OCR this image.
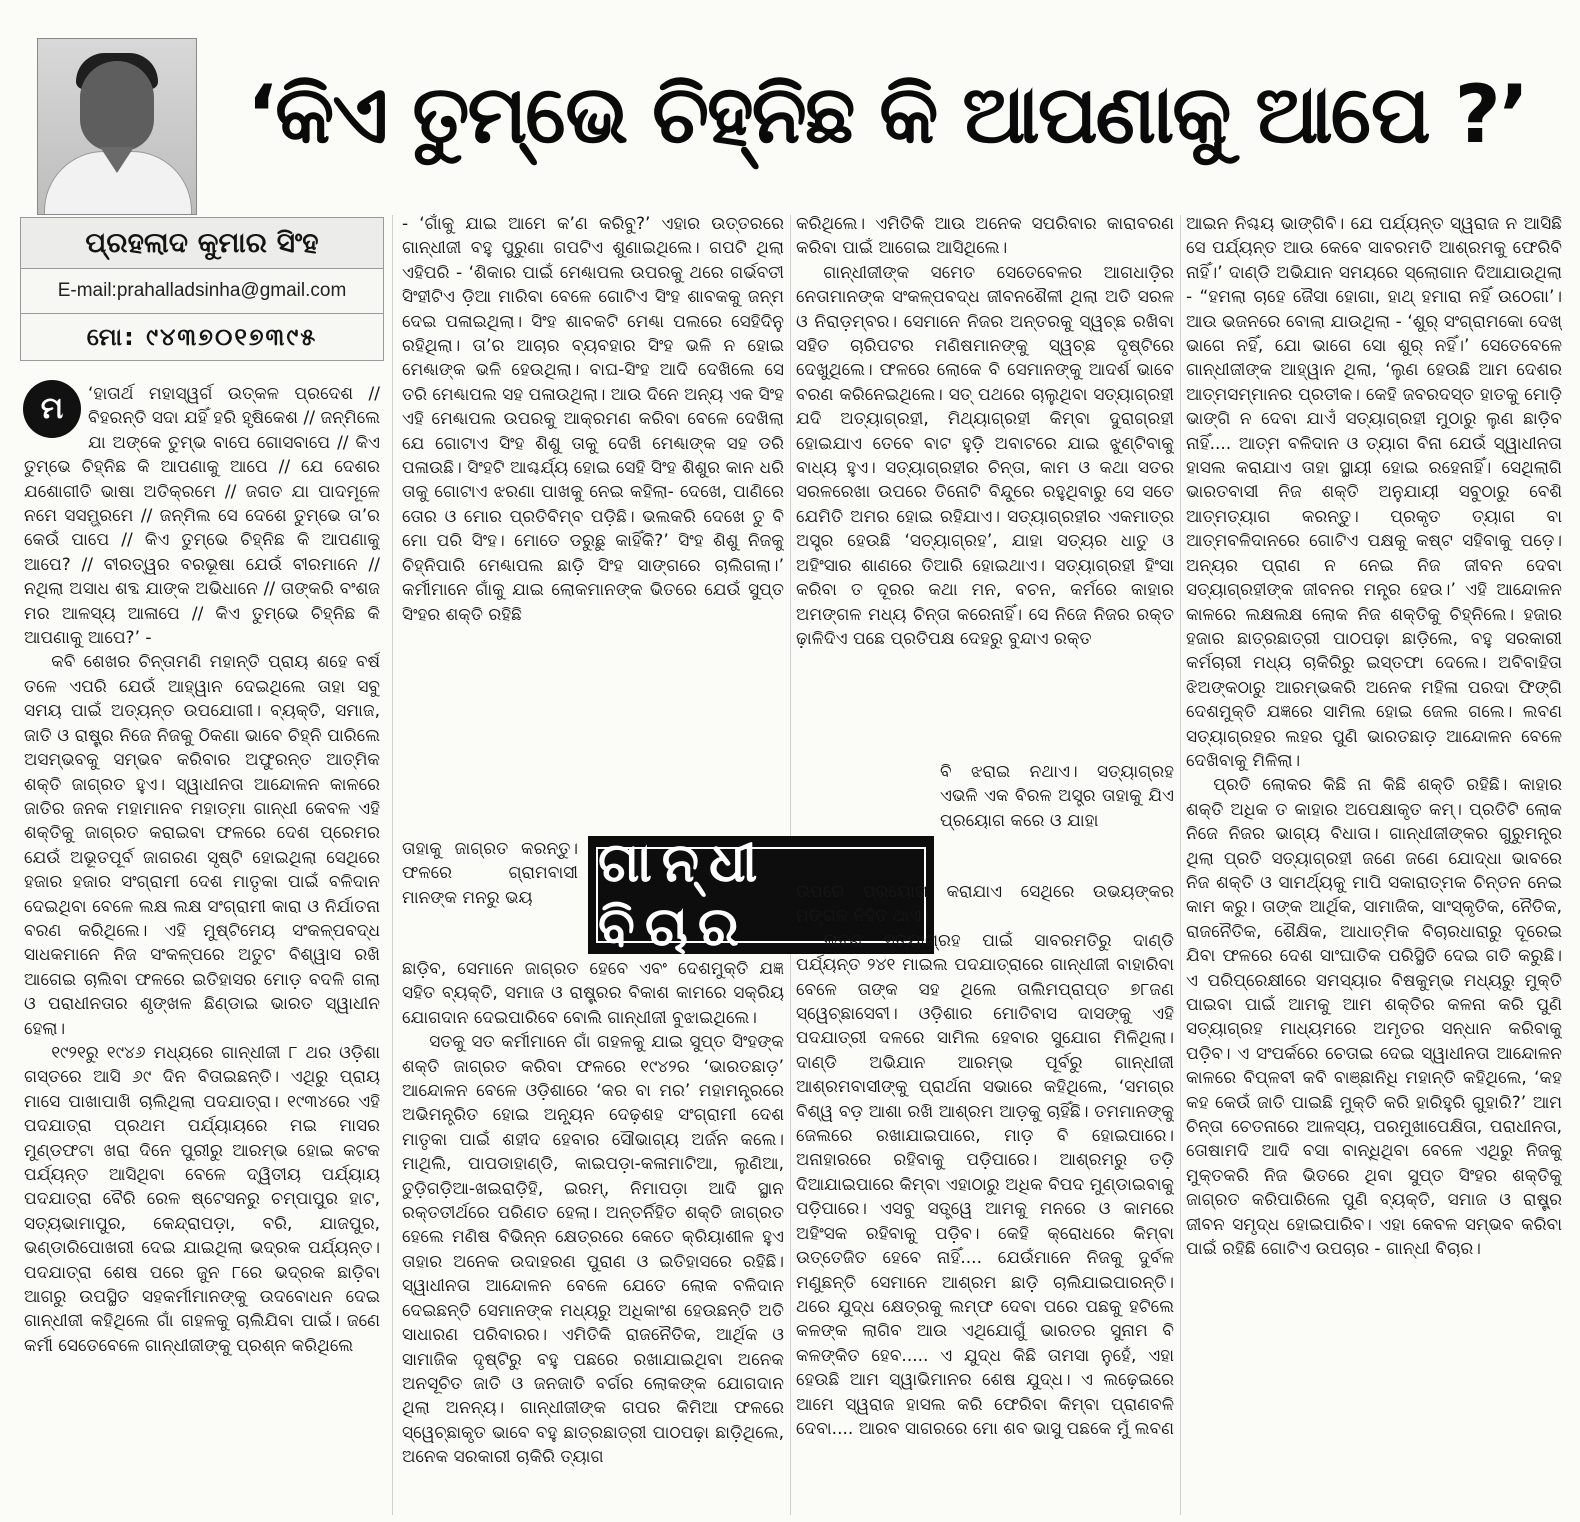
‘କିଏ ତୁମ୍ଭେ ଚିହ୍ନିଛ କି ଆପଣାକୁ ଆପେ ?’
ପ୍ରହଲାଦ କୁମାର ସିଂହ
E-mail:prahalladsinha@gmail.com
ମୋ: ୯୪୩୭୦୧୭୩୯୫
ମ	‘ହାତାର୍ଥ ମହାସ୍ୱର୍ଗ ଉତ୍କଳ ପ୍ରଦେଶ // ବିହରନ୍ତି ସଦା ଯହିଁ ହରି ହୃଷିକେଶ // ଜନ୍ମିଲେ ଯା ଅଙ୍କେ ତୁମ୍ଭ ବାପେ ଗୋସବାପେ // କିଏ ତୁମ୍ଭେ ଚିହ୍ନିଛ କି ଆପଣାକୁ ଆପେ // ଯେ ଦେଶର ଯଶୋଗୀତି ଭାଷା ଅତିକ୍ରମେ // ଜଗତ ଯା ପାଦମୂଳେ ନମେ ସସମ୍ଭ୍ରମେ // ଜନ୍ମିଲ ସେ ଦେଶେ ତୁମ୍ଭେ ତା’ର କେଉଁ ପାପେ // କିଏ ତୁମ୍ଭେ ଚିହ୍ନିଛ କି ଆପଣାକୁ ଆପେ? // ବୀରତ୍ୱର ବରଭୂଷା ଯେଉଁ ବୀରମାନେ // ନଥିଲା ଅସାଧ ଶବ୍ଦ ଯାଙ୍କ ଅଭିଧାନେ // ତାଙ୍କରି ବଂଶଜ ମର ଆଳସ୍ୟ ଆଳାପେ // କିଏ ତୁମ୍ଭେ ଚିହ୍ନିଛ କି ଆପଣାକୁ ଆପେ?’ -

କବି ଶେଖର ଚିନ୍ତାମଣି ମହାନ୍ତି ପ୍ରାୟ ଶହେ ବର୍ଷ ତଳେ ଏପରି ଯେଉଁ ଆହ୍ୱାନ ଦେଇଥିଲେ ତାହା ସବୁ ସମୟ ପାଇଁ ଅତ୍ୟନ୍ତ ଉପଯୋଗୀ। ବ୍ୟକ୍ତି, ସମାଜ, ଜାତି ଓ ରାଷ୍ଟ୍ର ନିଜେ ନିଜକୁ ଠିକଣା ଭାବେ ଚିହ୍ନି ପାରିଲେ ଅସମ୍ଭବକୁ ସମ୍ଭବ କରିବାର ଅଫୁରନ୍ତ ଆତ୍ମିକ ଶକ୍ତି ଜାଗ୍ରତ ହୁଏ। ସ୍ୱାଧୀନତା ଆନ୍ଦୋଳନ କାଳରେ ଜାତିର ଜନକ ମହାମାନବ ମହାତ୍ମା ଗାନ୍ଧୀ କେବଳ ଏହି ଶକ୍ତିକୁ ଜାଗ୍ରତ କରାଇବା ଫଳରେ ଦେଶ ପ୍ରେମର ଯେଉଁ ଅଭୂତପୂର୍ବ ଜାଗରଣ ସୃଷ୍ଟି ହୋଇଥିଲା ସେଥିରେ ହଜାର ହଜାର ସଂଗ୍ରାମୀ ଦେଶ ମାତୃକା ପାଇଁ ବଳିଦାନ ଦେଇଥିବା ବେଳେ ଲକ୍ଷ ଲକ୍ଷ ସଂଗ୍ରାମୀ କାରା ଓ ନିର୍ଯାତନା ବରଣ କରିଥିଲେ। ଏହି ମୁଷ୍ଟିମେୟ ସଂକଳ୍ପବଦ୍ଧ ସାଧକମାନେ ନିଜ ସଂକଳ୍ପରେ ଅତୁଟ ବିଶ୍ୱାସ ରଖି ଆଗେଇ ଚାଲିବା ଫଳରେ ଇତିହାସର ମୋଡ଼ ବଦଳି ଗଲା ଓ ପରାଧୀନତାର ଶୃଙ୍ଖଳ ଛିଣ୍ଡାଇ ଭାରତ ସ୍ୱାଧୀନ ହେଲା।

୧୯୨୧ରୁ ୧୯୪୬ ମଧ୍ୟରେ ଗାନ୍ଧୀଜୀ ୮ ଥର ଓଡ଼ିଶା ଗସ୍ତରେ ଆସି ୬୯ ଦିନ ବିତାଇଛନ୍ତି। ଏଥିରୁ ପ୍ରାୟ ମାସେ ପାଖାପାଖି ଚାଲିଥିଲା ପଦଯାତ୍ରା। ୧୯୩୪ରେ ଏହି ପଦଯାତ୍ରା ପ୍ରଥମ ପର୍ଯ୍ୟାୟରେ ମଇ ମାସର ମୁଣ୍ଡଫଟା ଖରା ଦିନେ ପୁରୀରୁ ଆରମ୍ଭ ହୋଇ କଟକ ପର୍ଯ୍ୟନ୍ତ ଆସିଥିବା ବେଳେ ଦ୍ୱିତୀୟ ପର୍ଯ୍ୟାୟ ପଦଯାତ୍ରା ବୈରି ରେଳ ଷ୍ଟେସନରୁ ଚମ୍ପାପୁର ହାଟ, ସତ୍ୟଭାମାପୁର, କେନ୍ଦ୍ରାପଡ଼ା, ବରି, ଯାଜପୁର, ଭଣ୍ଡାରିପୋଖରୀ ଦେଇ ଯାଇଥିଲା ଭଦ୍ରକ ପର୍ଯ୍ୟନ୍ତ। ପଦଯାତ୍ରା ଶେଷ ପରେ ଜୁନ ୮ରେ ଭଦ୍ରକ ଛାଡ଼ିବା ଆଗରୁ ଉପସ୍ଥିତ ସହକର୍ମୀମାନଙ୍କୁ ଉଦବୋଧନ ଦେଇ ଗାନ୍ଧୀଜୀ କହିଥିଲେ ଗାଁ ଗହଳକୁ ଚାଲିଯିବା ପାଇଁ। ଜଣେ କର୍ମୀ ସେତେବେଳେ ଗାନ୍ଧୀଜୀଙ୍କୁ ପ୍ରଶ୍ନ କରିଥିଲେ

- ‘ଗାଁକୁ ଯାଇ ଆମେ କ’ଣ କରିବୁ?’ ଏହାର ଉତ୍ତରରେ ଗାନ୍ଧୀଜୀ ବହୁ ପୁରୁଣା ଗପଟିଏ ଶୁଣାଇଥିଲେ। ଗପଟି ଥିଲା ଏହିପରି - ‘ଶିକାର ପାଇଁ ମେଣ୍ଢାପଲ ଉପରକୁ ଥରେ ଗର୍ଭବତୀ ସିଂହୀଟିଏ ଡ଼ିଆ ମାରିବା ବେଳେ ଗୋଟିଏ ସିଂହ ଶାବକକୁ ଜନ୍ମ ଦେଇ ପଳାଇଥିଲା। ସିଂହ ଶାବକଟି ମେଣ୍ଢା ପଲରେ ସେହିଦିନୁ ରହିଥିଲା। ତା’ର ଆଚାର ବ୍ୟବହାର ସିଂହ ଭଳି ନ ହୋଇ ମେଣ୍ଢାଙ୍କ ଭଳି ହେଉଥିଲା। ବାଘ-ସିଂହ ଆଦି ଦେଖିଲେ ସେ ତରି ମେଣ୍ଢାପଲ ସହ ପଳାଉଥିଲା। ଆଉ ଦିନେ ଅନ୍ୟ ଏକ ସିଂହ ଏହି ମେଣ୍ଢାପଲ ଉପରକୁ ଆକ୍ରମଣ କରିବା ବେଳେ ଦେଖିଲା ଯେ ଗୋଟାଏ ସିଂହ ଶିଶୁ ତାକୁ ଦେଖି ମେଣ୍ଢାଙ୍କ ସହ ଡରି ପଳାଉଛି। ସିଂହଟି ଆଶ୍ଚର୍ଯ୍ୟ ହୋଇ ସେହି ସିଂହ ଶିଶୁର କାନ ଧରି ତାକୁ ଗୋଟାଏ ଝରଣା ପାଖକୁ ନେଇ କହିଲା- ଦେଖେ, ପାଣିରେ ତୋର ଓ ମୋର ପ୍ରତିବିମ୍ବ ପଡ଼ିଛି। ଭଲକରି ଦେଖେ ତୁ ବି ମୋ ପରି ସିଂହ। ମୋତେ ଡରୁଛୁ କାହିଁକି?’ ସିଂହ ଶିଶୁ ନିଜକୁ ଚିହ୍ନିପାରି ମେଣ୍ଢାପଲ ଛାଡ଼ି ସିଂହ ସାଙ୍ଗରେ ଚାଲିଗଲା।’ କର୍ମୀମାନେ ଗାଁକୁ ଯାଇ ଲୋକମାନଙ୍କ ଭିତରେ ଯେଉଁ ସୁପ୍ତ ସିଂହର ଶକ୍ତି ରହିଛି

ତାହାକୁ ଜାଗ୍ରତ କରନ୍ତୁ। ଫଳରେ ଗ୍ରାମବାସୀ ମାନଙ୍କ ମନରୁ ଭୟ

ଗାନ୍ଧୀ ବିଚାର

ଛାଡ଼ିବ, ସେମାନେ ଜାଗ୍ରତ ହେବେ ଏବଂ ଦେଶମୁକ୍ତି ଯଜ୍ଞ ସହିତ ବ୍ୟକ୍ତି, ସମାଜ ଓ ରାଷ୍ଟ୍ରର ବିକାଶ କାମରେ ସକ୍ରିୟ ଯୋଗଦାନ ଦେଇପାରିବେ ବୋଲି ଗାନ୍ଧୀଜୀ ବୁଝାଇଥିଲେ।

ସତକୁ ସତ କର୍ମୀମାନେ ଗାଁ ଗହଳକୁ ଯାଇ ସୁପ୍ତ ସିଂହଙ୍କ ଶକ୍ତି ଜାଗ୍ରତ କରିବା ଫଳରେ ୧୯୪୨ର ‘ଭାରତଛାଡ଼’ ଆନ୍ଦୋଳନ ବେଳେ ଓଡ଼ିଶାରେ ‘କର ବା ମର’ ମହାମନ୍ତ୍ରରେ ଅଭିମନ୍ତ୍ରିତ ହୋଇ ଅନ୍ୟୂନ ଦେଢ଼ଶହ ସଂଗ୍ରାମୀ ଦେଶ ମାତୃକା ପାଇଁ ଶହୀଦ ହେବାର ସୌଭାଗ୍ୟ ଅର୍ଜନ କଲେ। ମାଥିଲି, ପାପଡାହାଣ୍ଡି, କାଇପଡ଼ା-କଳାମାଟିଆ, ଲୁଣିଆ, ତୁଡ଼ିଗଡ଼ିଆ-ଖଇରାଡ଼ିହି, ଇରମ୍, ନିମାପଡ଼ା ଆଦି ସ୍ଥାନ ରକ୍ତତୀର୍ଥରେ ପରିଣତ ହେଲା। ଅନ୍ତର୍ନିହିତ ଶକ୍ତି ଜାଗ୍ରତ ହେଲେ ମଣିଷ ବିଭିନ୍ନ କ୍ଷେତ୍ରରେ କେତେ କ୍ରିୟାଶୀଳ ହୁଏ ତାହାର ଅନେକ ଉଦାହରଣ ପୁରାଣ ଓ ଇତିହାସରେ ରହିଛି। ସ୍ୱାଧୀନତା ଆନ୍ଦୋଳନ ବେଳେ ଯେତେ ଲୋକ ବଳିଦାନ ଦେଇଛନ୍ତି ସେମାନଙ୍କ ମଧ୍ୟରୁ ଅଧିକାଂଶ ହେଉଛନ୍ତି ଅତି ସାଧାରଣ ପରିବାରର। ଏମିତିକି ରାଜନୈତିକ, ଆର୍ଥିକ ଓ ସାମାଜିକ ଦୃଷ୍ଟିରୁ ବହୁ ପଛରେ ରଖାଯାଇଥିବା ଅନେକ ଅନସୂଚିତ ଜାତି ଓ ଜନଜାତି ବର୍ଗର ଲୋକଙ୍କ ଯୋଗଦାନ ଥିଲା ଅନନ୍ୟ। ଗାନ୍ଧୀଜୀଙ୍କ ଗପର କିମିଆ ଫଳରେ ସ୍ୱେଚ୍ଛାକୃତ ଭାବେ ବହୁ ଛାତ୍ରଛାତ୍ରୀ ପାଠପଢ଼ା ଛାଡ଼ିଥିଲେ, ଅନେକ ସରକାରୀ ଚାକିରି ତ୍ୟାଗ

କରିଥିଲେ। ଏମିତିକି ଆଉ ଅନେକ ସପରିବାର କାରାବରଣ କରିବା ପାଇଁ ଆଗେଇ ଆସିଥିଲେ।

ଗାନ୍ଧୀଜୀଙ୍କ ସମେତ ସେତେବେଳର ଆଗଧାଡ଼ିର ନେତାମାନଙ୍କ ସଂକଳ୍ପବଦ୍ଧ ଜୀବନଶୈଳୀ ଥିଲା ଅତି ସରଳ ଓ ନିରାଡ଼ମ୍ବର। ସେମାନେ ନିଜର ଅନ୍ତରକୁ ସ୍ୱଚ୍ଛ ରଖିବା ସହିତ ଚାରିପଟର ମଣିଷମାନଙ୍କୁ ସ୍ୱଚ୍ଛ ଦୃଷ୍ଟିରେ ଦେଖୁଥିଲେ। ଫଳରେ ଲୋକେ ବି ସେମାନଙ୍କୁ ଆଦର୍ଶ ଭାବେ ବରଣ କରିନେଇଥିଲେ। ସତ୍ ପଥରେ ଚାଲୁଥିବା ସତ୍ୟାଗ୍ରହୀ ଯଦି ଅତ୍ୟାଗ୍ରହୀ, ମିଥ୍ୟାଗ୍ରହୀ କିମ୍ବା ଦୁରାଗ୍ରହୀ ହୋଇଯାଏ ତେବେ ବାଟ ହୁଡ଼ି ଅବାଟରେ ଯାଇ ଝୁଣ୍ଟିବାକୁ ବାଧ୍ୟ ହୁଏ। ସତ୍ୟାଗ୍ରହୀର ଚିନ୍ତା, କାମ ଓ କଥା ସତର ସରଳରେଖା ଉପରେ ତିନୋଟି ବିନ୍ଦୁରେ ରହୁଥିବାରୁ ସେ ସତେ ଯେମିତି ଅମର ହୋଇ ରହିଯାଏ। ସତ୍ୟାଗ୍ରହୀର ଏକମାତ୍ର ଅସ୍ତ୍ର ହେଉଛି ‘ସତ୍ୟାଗ୍ରହ’, ଯାହା ସତ୍ୟର ଧାତୁ ଓ ଅହିଂସାର ଶାଣରେ ତିଆରି ହୋଇଥାଏ। ସତ୍ୟାଗ୍ରହୀ ହିଂସା କରିବା ତ ଦୂରର କଥା ମନ, ବଚନ, କର୍ମରେ କାହାର ଅମଙ୍ଗଳ ମଧ୍ୟ ଚିନ୍ତା କରେନାହିଁ। ସେ ନିଜେ ନିଜର ରକ୍ତ ଢ଼ାଳିଦିଏ ପଛେ ପ୍ରତିପକ୍ଷ ଦେହରୁ ବୁନ୍ଦାଏ ରକ୍ତ

ବି ଝରାଇ ନଥାଏ। ସତ୍ୟାଗ୍ରହ ଏଭଳି ଏକ ବିରଳ ଅସ୍ତ୍ର ତାହାକୁ ଯିଏ ପ୍ରୟୋଗ କରେ ଓ ଯାହା

ଉପରେ ପ୍ରୟୋଗ କରାଯାଏ ସେଥିରେ ଉଭୟଙ୍କର ମଙ୍ଗଳ ନିହିତ ଥାଏ।

ଲବଣ ସତ୍ୟାଗ୍ରହ ପାଇଁ ସାବରମତିରୁ ଦାଣ୍ଡି ପର୍ଯ୍ୟନ୍ତ ୨୪୧ ମାଇଲ ପଦଯାତ୍ରାରେ ଗାନ୍ଧୀଜୀ ବାହାରିବା ବେଳେ ତାଙ୍କ ସହ ଥିଲେ ତାଲିମପ୍ରାପ୍ତ ୭୮ଜଣ ସ୍ୱେଚ୍ଛାସେବୀ। ଓଡ଼ିଶାର ମୋତିବାସ ଦାସଙ୍କୁ ଏହି ପଦଯାତ୍ରୀ ଦଳରେ ସାମିଲ ହେବାର ସୁଯୋଗ ମିଳିଥିଲା। ଦାଣ୍ଡି ଅଭିଯାନ ଆରମ୍ଭ ପୂର୍ବରୁ ଗାନ୍ଧୀଜୀ ଆଶ୍ରମବାସୀଙ୍କୁ ପ୍ରାର୍ଥନା ସଭାରେ କହିଥିଲେ, ‘ସମଗ୍ର ବିଶ୍ୱ ବଡ଼ ଆଶା ରଖି ଆଶ୍ରମ ଆଡ଼କୁ ଚାହିଁଛି। ତମମାନଙ୍କୁ ଜେଲରେ ରଖାଯାଇପାରେ, ମାଡ଼ ବି ହୋଇପାରେ। ଅନାହାରରେ ରହିବାକୁ ପଡ଼ିପାରେ। ଆଶ୍ରମରୁ ତଡ଼ି ଦିଆଯାଇପାରେ କିମ୍ବା ଏହାଠାରୁ ଅଧିକ ବିପଦ ମୁଣ୍ଡାଇବାକୁ ପଡ଼ିପାରେ। ଏସବୁ ସତ୍ତ୍ୱେ ଆମକୁ ମନରେ ଓ କାମରେ ଅହିଂସକ ରହିବାକୁ ପଡ଼ିବ। କେହି କ୍ରୋଧରେ କିମ୍ବା ଉତ୍ତେଜିତ ହେବେ ନାହିଁ.... ଯେଉଁମାନେ ନିଜକୁ ଦୁର୍ବଳ ମଣୁଛନ୍ତି ସେମାନେ ଆଶ୍ରମ ଛାଡ଼ି ଚାଲିଯାଇପାରନ୍ତି। ଥରେ ଯୁଦ୍ଧ କ୍ଷେତ୍ରକୁ ଲମ୍ଫ ଦେବା ପରେ ପଛକୁ ହଟିଲେ କଳଙ୍କ ଲାଗିବ ଆଉ ଏଥିଯୋଗୁଁ ଭାରତର ସୁନାମ ବି କଳଙ୍କିତ ହେବ..... ଏ ଯୁଦ୍ଧ କିଛି ତାମସା ନୁହେଁ, ଏହା ହେଉଛି ଆମ ସ୍ୱାଭିମାନର ଶେଷ ଯୁଦ୍ଧ। ଏ ଲଢ଼େଇରେ ଆମେ ସ୍ୱରାଜ ହାସଲ କରି ଫେରିବା କିମ୍ବା ପ୍ରାଣବଳି ଦେବା.... ଆରବ ସାଗରରେ ମୋ ଶବ ଭାସୁ ପଛକେ ମୁଁ ଲବଣ

ଆଇନ ନିଶ୍ଚୟ ଭାଙ୍ଗିବି। ଯେ ପର୍ଯ୍ୟନ୍ତ ସ୍ୱରାଜ ନ ଆସିଛି ସେ ପର୍ଯ୍ୟନ୍ତ ଆଉ କେବେ ସାବରମତି ଆଶ୍ରମକୁ ଫେରିବି ନାହିଁ।’ ଦାଣ୍ଡି ଅଭିଯାନ ସମୟରେ ସ୍ଲୋଗାନ ଦିଆଯାଉଥିଲା - “ହମଲା ଚାହେ ଜୈସା ହୋଗା, ହାଥ୍ ହମାରା ନହିଁ ଉଠେଗା’। ଆଉ ଭଜନରେ ବୋଲା ଯାଉଥିଲା - ‘ଶୁର୍ ସଂଗ୍ରାମକୋ ଦେଖ୍ ଭାଗେ ନହିଁ, ଯୋ ଭାଗେ ସୋ ଶୁର୍ ନହିଁ।’ ସେତେବେଳେ ଗାନ୍ଧୀଜୀଙ୍କ ଆହ୍ୱାନ ଥିଲା, ‘ଲୁଣ ହେଉଛି ଆମ ଦେଶର ଆତ୍ମସମ୍ମାନର ପ୍ରତୀକ। କେହି ଜବରଦସ୍ତ ହାତକୁ ମୋଡ଼ି ଭାଙ୍ଗି ନ ଦେବା ଯାଏଁ ସତ୍ୟାଗ୍ରହୀ ମୁଠାରୁ ଲୁଣ ଛାଡ଼ିବ ନାହିଁ.... ଆତ୍ମ ବଳିଦାନ ଓ ତ୍ୟାଗ ବିନା ଯେଉଁ ସ୍ୱାଧୀନତା ହାସଲ କରାଯାଏ ତାହା ସ୍ଥାୟୀ ହୋଇ ରହେନାହିଁ। ସେଥିଲାଗି ଭାରତବାସୀ ନିଜ ଶକ୍ତି ଅନୁଯାୟୀ ସବୁଠାରୁ ବେଶି ଆତ୍ମତ୍ୟାଗ କରନ୍ତୁ। ପ୍ରକୃତ ତ୍ୟାଗ ବା ଆତ୍ମବଳିଦାନରେ ଗୋଟିଏ ପକ୍ଷକୁ କଷ୍ଟ ସହିବାକୁ ପଡ଼େ। ଅନ୍ୟର ପ୍ରାଣ ନ ନେଇ ନିଜ ଜୀବନ ଦେବା ସତ୍ୟାଗ୍ରହୀଙ୍କ ଜୀବନର ମନ୍ତ୍ର ହେଉ।’ ଏହି ଆନ୍ଦୋଳନ କାଳରେ ଲକ୍ଷଲକ୍ଷ ଲୋକ ନିଜ ଶକ୍ତିକୁ ଚିହ୍ନିଲେ। ହଜାର ହଜାର ଛାତ୍ରଛାତ୍ରୀ ପାଠପଢ଼ା ଛାଡ଼ିଲେ, ବହୁ ସରକାରୀ କର୍ମଚାରୀ ମଧ୍ୟ ଚାକିରିରୁ ଇସ୍ତଫା ଦେଲେ। ଅବିବାହିତା ଝିଅଙ୍କଠାରୁ ଆରମ୍ଭକରି ଅନେକ ମହିଳା ପରଦା ଫିଙ୍ଗି ଦେଶମୁକ୍ତି ଯଜ୍ଞରେ ସାମିଲ ହୋଇ ଜେଲ ଗଲେ। ଲବଣ ସତ୍ୟାଗ୍ରହର ଲହର ପୁଣି ଭାରତଛାଡ଼ ଆନ୍ଦୋଳନ ବେଳେ ଦେଖିବାକୁ ମିଳିଲା।

ପ୍ରତି ଲୋକର କିଛି ନା କିଛି ଶକ୍ତି ରହିଛି। କାହାର ଶକ୍ତି ଅଧିକ ତ କାହାର ଅପେକ୍ଷାକୃତ କମ୍। ପ୍ରତିଟି ଲୋକ ନିଜେ ନିଜର ଭାଗ୍ୟ ବିଧାତା। ଗାନ୍ଧୀଜୀଙ୍କର ଗୁରୁମନ୍ତ୍ର ଥିଲା ପ୍ରତି ସତ୍ୟାଗ୍ରହୀ ଜଣେ ଜଣେ ଯୋଦ୍ଧା ଭାବରେ ନିଜ ଶକ୍ତି ଓ ସାମର୍ଥ୍ୟକୁ ମାପି ସକାରାତ୍ମକ ଚିନ୍ତନ ନେଇ କାମ କରୁ। ତାଙ୍କ ଆର୍ଥିକ, ସାମାଜିକ, ସାଂସ୍କୃତିକ, ନୈତିକ, ରାଜନୈତିକ, ଶୈକ୍ଷିକ, ଆଧାତ୍ମିକ ବିଚାରଧାରାରୁ ଦୂରେଇ ଯିବା ଫଳରେ ଦେଶ ସାଂଘାତିକ ପରିସ୍ଥିତି ଦେଇ ଗତି କରୁଛି। ଏ ପରିପ୍ରେକ୍ଷୀରେ ସମସ୍ୟାର ବିଷକୁମ୍ଭ ମଧ୍ୟରୁ ମୁକ୍ତି ପାଇବା ପାଇଁ ଆମକୁ ଆମ ଶକ୍ତିର କଳନା କରି ପୁଣି ସତ୍ୟାଗ୍ରହ ମାଧ୍ୟମରେ ଅମୃତର ସନ୍ଧାନ କରିବାକୁ ପଡ଼ିବ। ଏ ସଂପର୍କରେ ଚେତାଇ ଦେଇ ସ୍ୱାଧୀନତା ଆନ୍ଦୋଳନ କାଳରେ ବିପ୍ଳବୀ କବି ବାଞ୍ଛାନିଧି ମହାନ୍ତି କହିଥିଲେ, ‘କହ କହ କେଉଁ ଜାତି ପାଇଛି ମୁକ୍ତି କରି ହାରିହୁରି ଗୁହାରି?’ ଆମ ଚିନ୍ତା ଚେତନାରେ ଆଳସ୍ୟ, ପରମୁଖାପେକ୍ଷିତା, ପରାଧୀନତା, ତୋଷାମଦି ଆଦି ବସା ବାନ୍ଧିଥିବା ବେଳେ ଏଥିରୁ ନିଜକୁ ମୁକ୍ତକରି ନିଜ ଭିତରେ ଥିବା ସୁପ୍ତ ସିଂହର ଶକ୍ତିକୁ ଜାଗ୍ରତ କରିପାରିଲେ ପୁଣି ବ୍ୟକ୍ତି, ସମାଜ ଓ ରାଷ୍ଟ୍ର ଜୀବନ ସମୃଦ୍ଧ ହୋଇପାରିବ। ଏହା କେବଳ ସମ୍ଭବ କରିବା ପାଇଁ ରହିଛି ଗୋଟିଏ ଉପଚାର - ଗାନ୍ଧୀ ବିଚାର।
